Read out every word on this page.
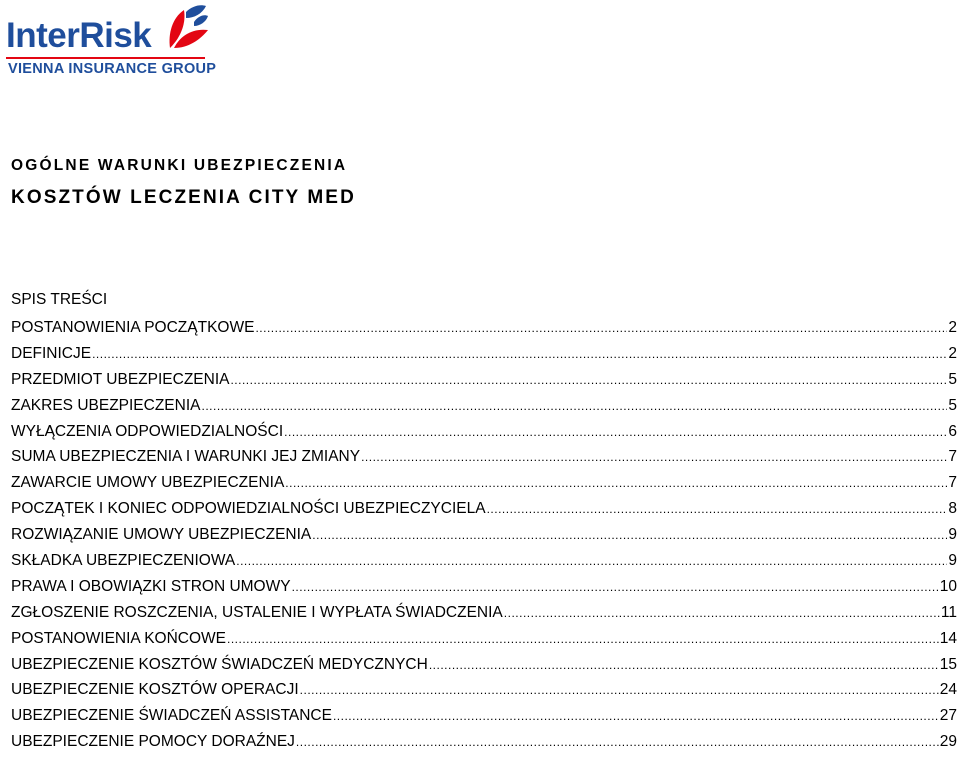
InterRisk
VIENNA INSURANCE GROUP
OGÓLNE WARUNKI UBEZPIECZENIA
KOSZTÓW LECZENIA CITY MED
SPIS TREŚCI
POSTANOWIENIA POCZĄTKOWE .....	2
DEFINICJE .....	2
PRZEDMIOT UBEZPIECZENIA .....	5
ZAKRES UBEZPIECZENIA .....	5
WYŁĄCZENIA ODPOWIEDZIALNOŚCI .....	6
SUMA UBEZPIECZENIA I WARUNKI JEJ ZMIANY .....	7
ZAWARCIE UMOWY UBEZPIECZENIA .....	7
POCZĄTEK I KONIEC ODPOWIEDZIALNOŚCI UBEZPIECZYCIELA .....	8
ROZWIĄZANIE UMOWY UBEZPIECZENIA .....	9
SKŁADKA UBEZPIECZENIOWA .....	9
PRAWA I OBOWIĄZKI STRON UMOWY .....	10
ZGŁOSZENIE ROSZCZENIA, USTALENIE I WYPŁATA ŚWIADCZENIA .....	11
POSTANOWIENIA KOŃCOWE .....	14
UBEZPIECZENIE KOSZTÓW ŚWIADCZEŃ MEDYCZNYCH .....	15
UBEZPIECZENIE KOSZTÓW OPERACJI .....	24
UBEZPIECZENIE ŚWIADCZEŃ ASSISTANCE .....	27
UBEZPIECZENIE POMOCY DORAŹNEJ .....	29
